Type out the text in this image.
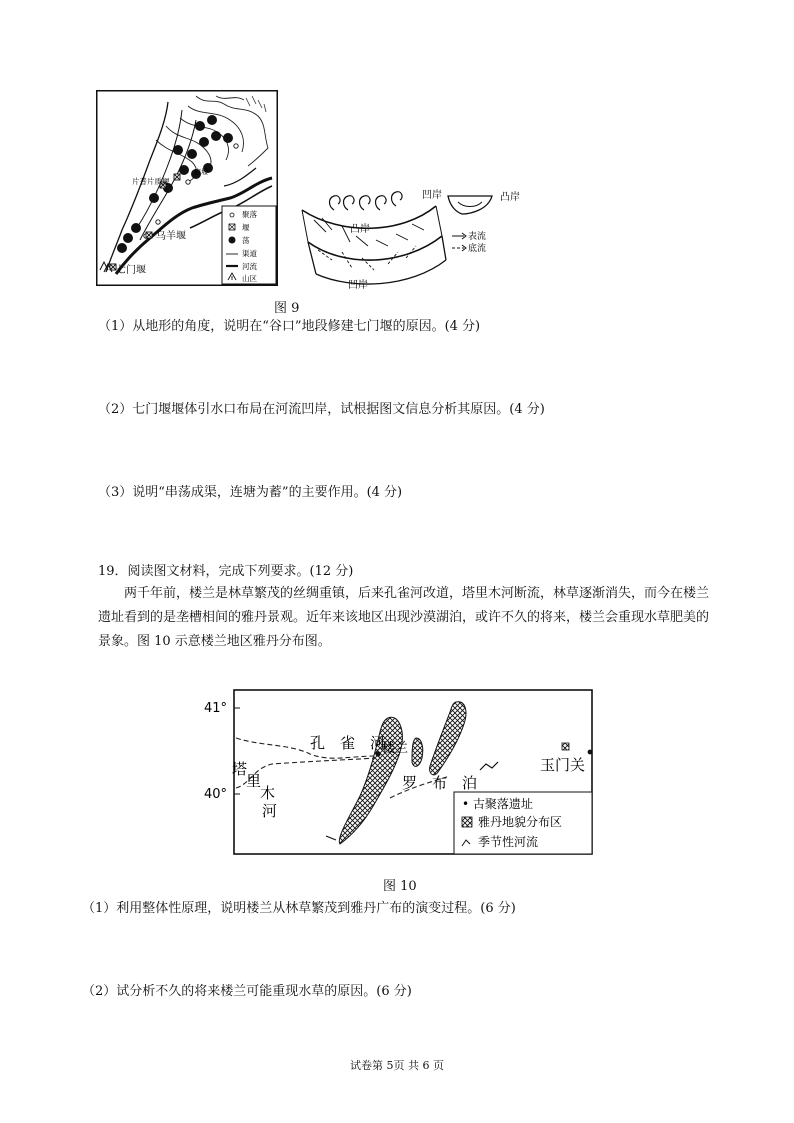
片普片质堰
府堰
乌羊堰
七门堰
聚落
堰
荡
渠道
河流
山区
凹岸	凸岸
凸岸
凹岸
表流
底流
图 9
（1）从地形的角度，说明在“谷口”地段修建七门堰的原因。(4 分)
（2）七门堰堰体引水口布局在河流凹岸，试根据图文信息分析其原因。(4 分)
（3）说明“串荡成渠，连塘为蓄”的主要作用。(4 分)
19．阅读图文材料，完成下列要求。(12 分)
两千年前，楼兰是林草繁茂的丝绸重镇，后来孔雀河改道，塔里木河断流，林草逐渐消失，而今在楼兰遗址看到的是垄槽相间的雅丹景观。近年来该地区出现沙漠湖泊，或许不久的将来，楼兰会重现水草肥美的景象。图 10 示意楼兰地区雅丹分布图。
41°
40°
孔　雀　河
楼兰
罗　布　泊
玉门关
塔
里
木
河	• 古聚落遗址
雅丹地貌分布区
季节性河流
图 10
（1）利用整体性原理，说明楼兰从林草繁茂到雅丹广布的演变过程。(6 分)
（2）试分析不久的将来楼兰可能重现水草的原因。(6 分)
试卷第 5页 共 6 页
